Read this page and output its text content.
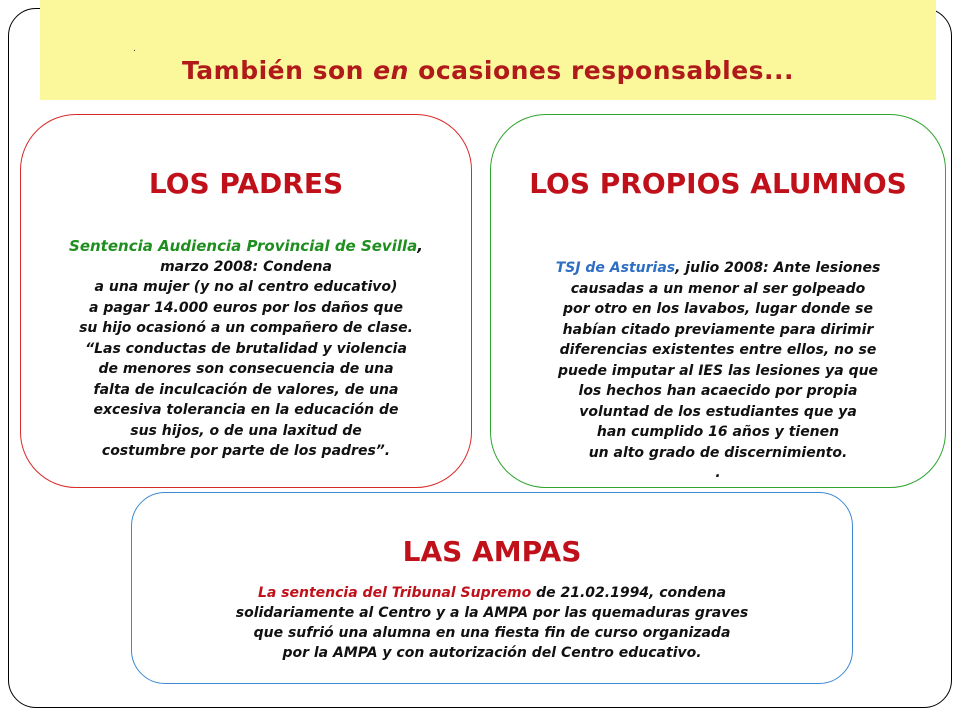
.
También son en ocasiones responsables...
LOS PADRES
Sentencia Audiencia Provincial de Sevilla,
marzo 2008: Condena
a una mujer (y no al centro educativo)
a pagar 14.000 euros por los daños que
su hijo ocasionó a un compañero de clase.
“Las conductas de brutalidad y violencia
de menores son consecuencia de una
falta de inculcación de valores, de una
excesiva tolerancia en la educación de
sus hijos, o de una laxitud de
costumbre por parte de los padres”.
LOS PROPIOS ALUMNOS
TSJ de Asturias, julio 2008: Ante lesiones
causadas a un menor al ser golpeado
por otro en los lavabos, lugar donde se
habían citado previamente para dirimir
diferencias existentes entre ellos, no se
puede imputar al IES las lesiones ya que
los hechos han acaecido por propia
voluntad de los estudiantes que ya
han cumplido 16 años y tienen
un alto grado de discernimiento.
.
LAS AMPAS
La sentencia del Tribunal Supremo de 21.02.1994, condena
solidariamente al Centro y a la AMPA por las quemaduras graves
que sufrió una alumna en una fiesta fin de curso organizada
por la AMPA y con autorización del Centro educativo.
